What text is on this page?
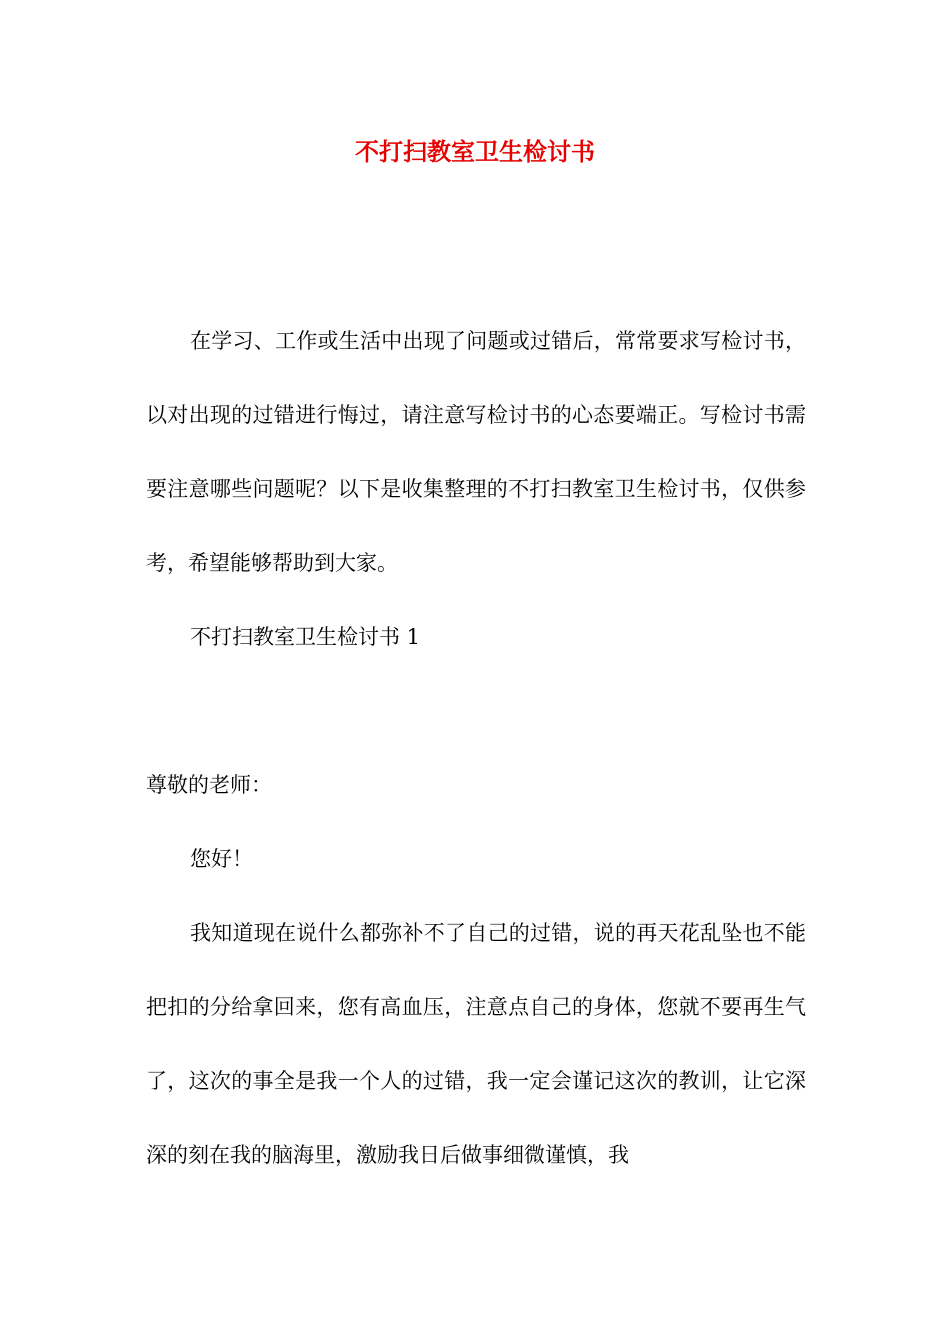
不打扫教室卫生检讨书

在学习、工作或生活中出现了问题或过错后，常常要求写检讨书，以对出现的过错进行悔过，请注意写检讨书的心态要端正。写检讨书需要注意哪些问题呢？以下是收集整理的不打扫教室卫生检讨书，仅供参考，希望能够帮助到大家。

不打扫教室卫生检讨书 1

尊敬的老师：

您好！

我知道现在说什么都弥补不了自己的过错，说的再天花乱坠也不能把扣的分给拿回来，您有高血压，注意点自己的身体，您就不要再生气了，这次的事全是我一个人的过错，我一定会谨记这次的教训，让它深深的刻在我的脑海里，激励我日后做事细微谨慎，我
